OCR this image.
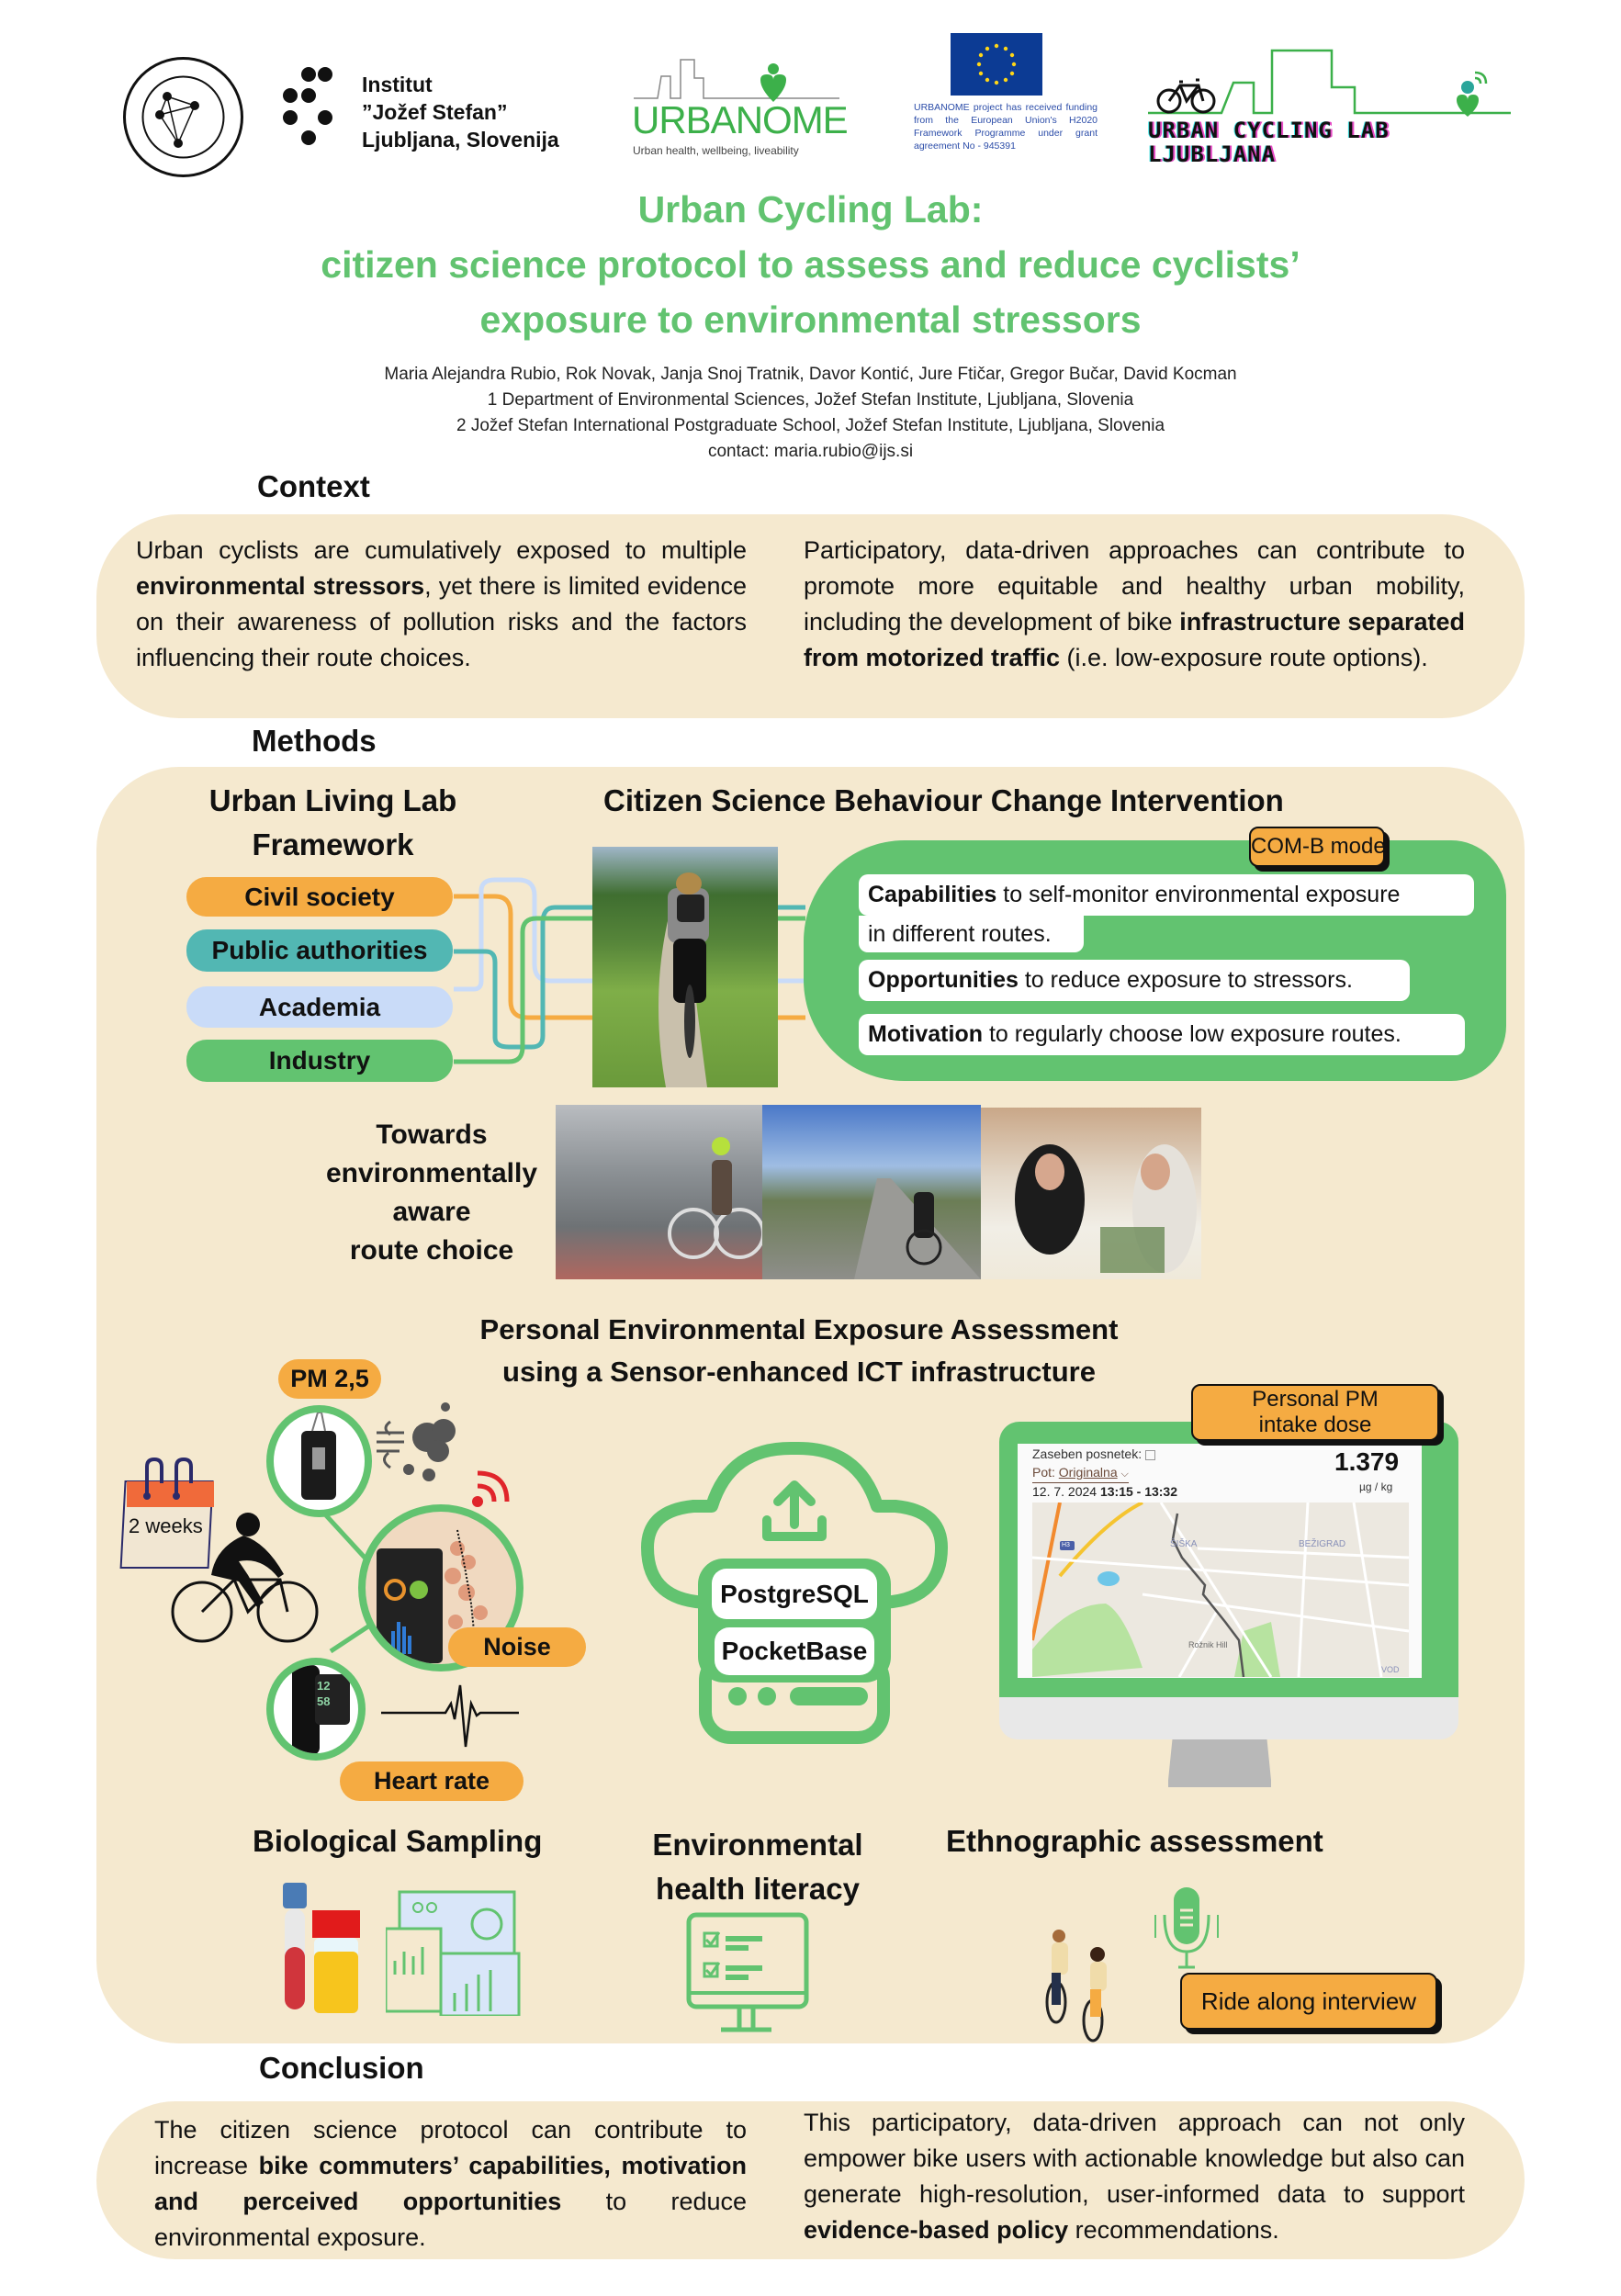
Institut
”Jožef Stefan”
Ljubljana, Slovenija URBANOME
Urban health, wellbeing, liveability
URBANOME project has received funding from the European Union's H2020 Framework Programme under grant agreement No - 945391
URBAN CYCLING LAB
LJUBLJANA
Urban Cycling Lab:
citizen science protocol to assess and reduce cyclists’
exposure to environmental stressors
Maria Alejandra Rubio, Rok Novak, Janja Snoj Tratnik, Davor Kontić, Jure Ftičar, Gregor Bučar, David Kocman
1 Department of Environmental Sciences, Jožef Stefan Institute, Ljubljana, Slovenia
2 Jožef Stefan International Postgraduate School, Jožef Stefan Institute, Ljubljana, Slovenia
contact: maria.rubio@ijs.si
Context
Urban cyclists are cumulatively exposed to multiple environmental stressors, yet there is limited evidence on their awareness of pollution risks and the factors influencing their route choices.
Participatory, data-driven approaches can contribute to promote more equitable and healthy urban mobility, including the development of bike infrastructure separated from motorized traffic (i.e. low-exposure route options).
Methods
Urban Living Lab
Framework
Civil society
Public authorities
Academia
Industry
Citizen Science Behaviour Change Intervention
COM-B model
Capabilities to self-monitor environmental exposure
in different routes.
Opportunities to reduce exposure to stressors.
Motivation to regularly choose low exposure routes.
Towards
environmentally
aware
route choice
Personal Environmental Exposure Assessment
using a Sensor-enhanced ICT infrastructure
2 weeks
PM 2,5
Noise
12 58
Heart rate
PostgreSQL
PocketBase
Zaseben posnetek:
Pot: Originalna ⌵
12. 7. 2024 13:15 - 13:32
1.379
µg / kg
ŠIŠKA	BEŽIGRAD
Rožnik Hill
H3
VOD
Personal PM intake dose
Biological Sampling	Environmental
health literacy
Ethnographic assessment
Ride along interview
Conclusion
The citizen science protocol can contribute to increase bike commuters’ capabilities, motivation and perceived opportunities to reduce environmental exposure.
This participatory, data-driven approach can not only empower bike users with actionable knowledge but also can generate high-resolution, user-informed data to support evidence-based policy recommendations.
